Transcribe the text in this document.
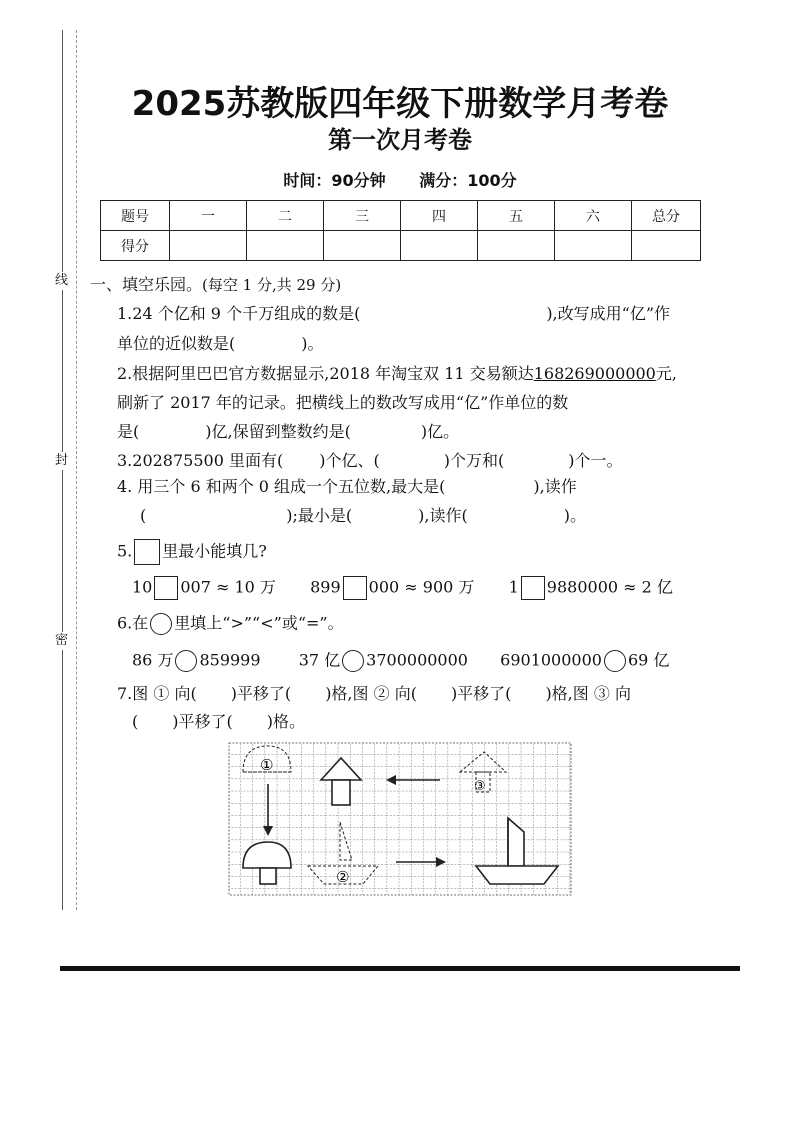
线
封
密
2025苏教版四年级下册数学月考卷
第一次月考卷
时间：90分钟 满分：100分
题号	一	二	三	四	五	六	总分
得分							
一、填空乐园。(每空 1 分,共 29 分)
1.24 个亿和 9 个千万组成的数是(	),改写成用“亿”作
单位的近似数是(	)。
2.根据阿里巴巴官方数据显示,2018 年淘宝双 11 交易额达168269000000元,
刷新了 2017 年的记录。把横线上的数改写成用“亿”作单位的数
是(	)亿,保留到整数约是(	)亿。
3.202875500 里面有( )个亿、(	)个万和(	)个一。
4. 用三个 6 和两个 0 组成一个五位数,最大是(	),读作
(	);最小是(	),读作(	)。
5. 里最小能填几?
10 007 ≈ 10 万 899 000 ≈ 900 万 1 9880000 ≈ 2 亿
6.在 里填上“>”“<”或“=”。
86 万 859999 37 亿 3700000000 6901000000 69 亿
7.图 ① 向( )平移了( )格,图 ② 向( )平移了( )格,图 ③ 向
( )平移了( )格。
①
③
②
